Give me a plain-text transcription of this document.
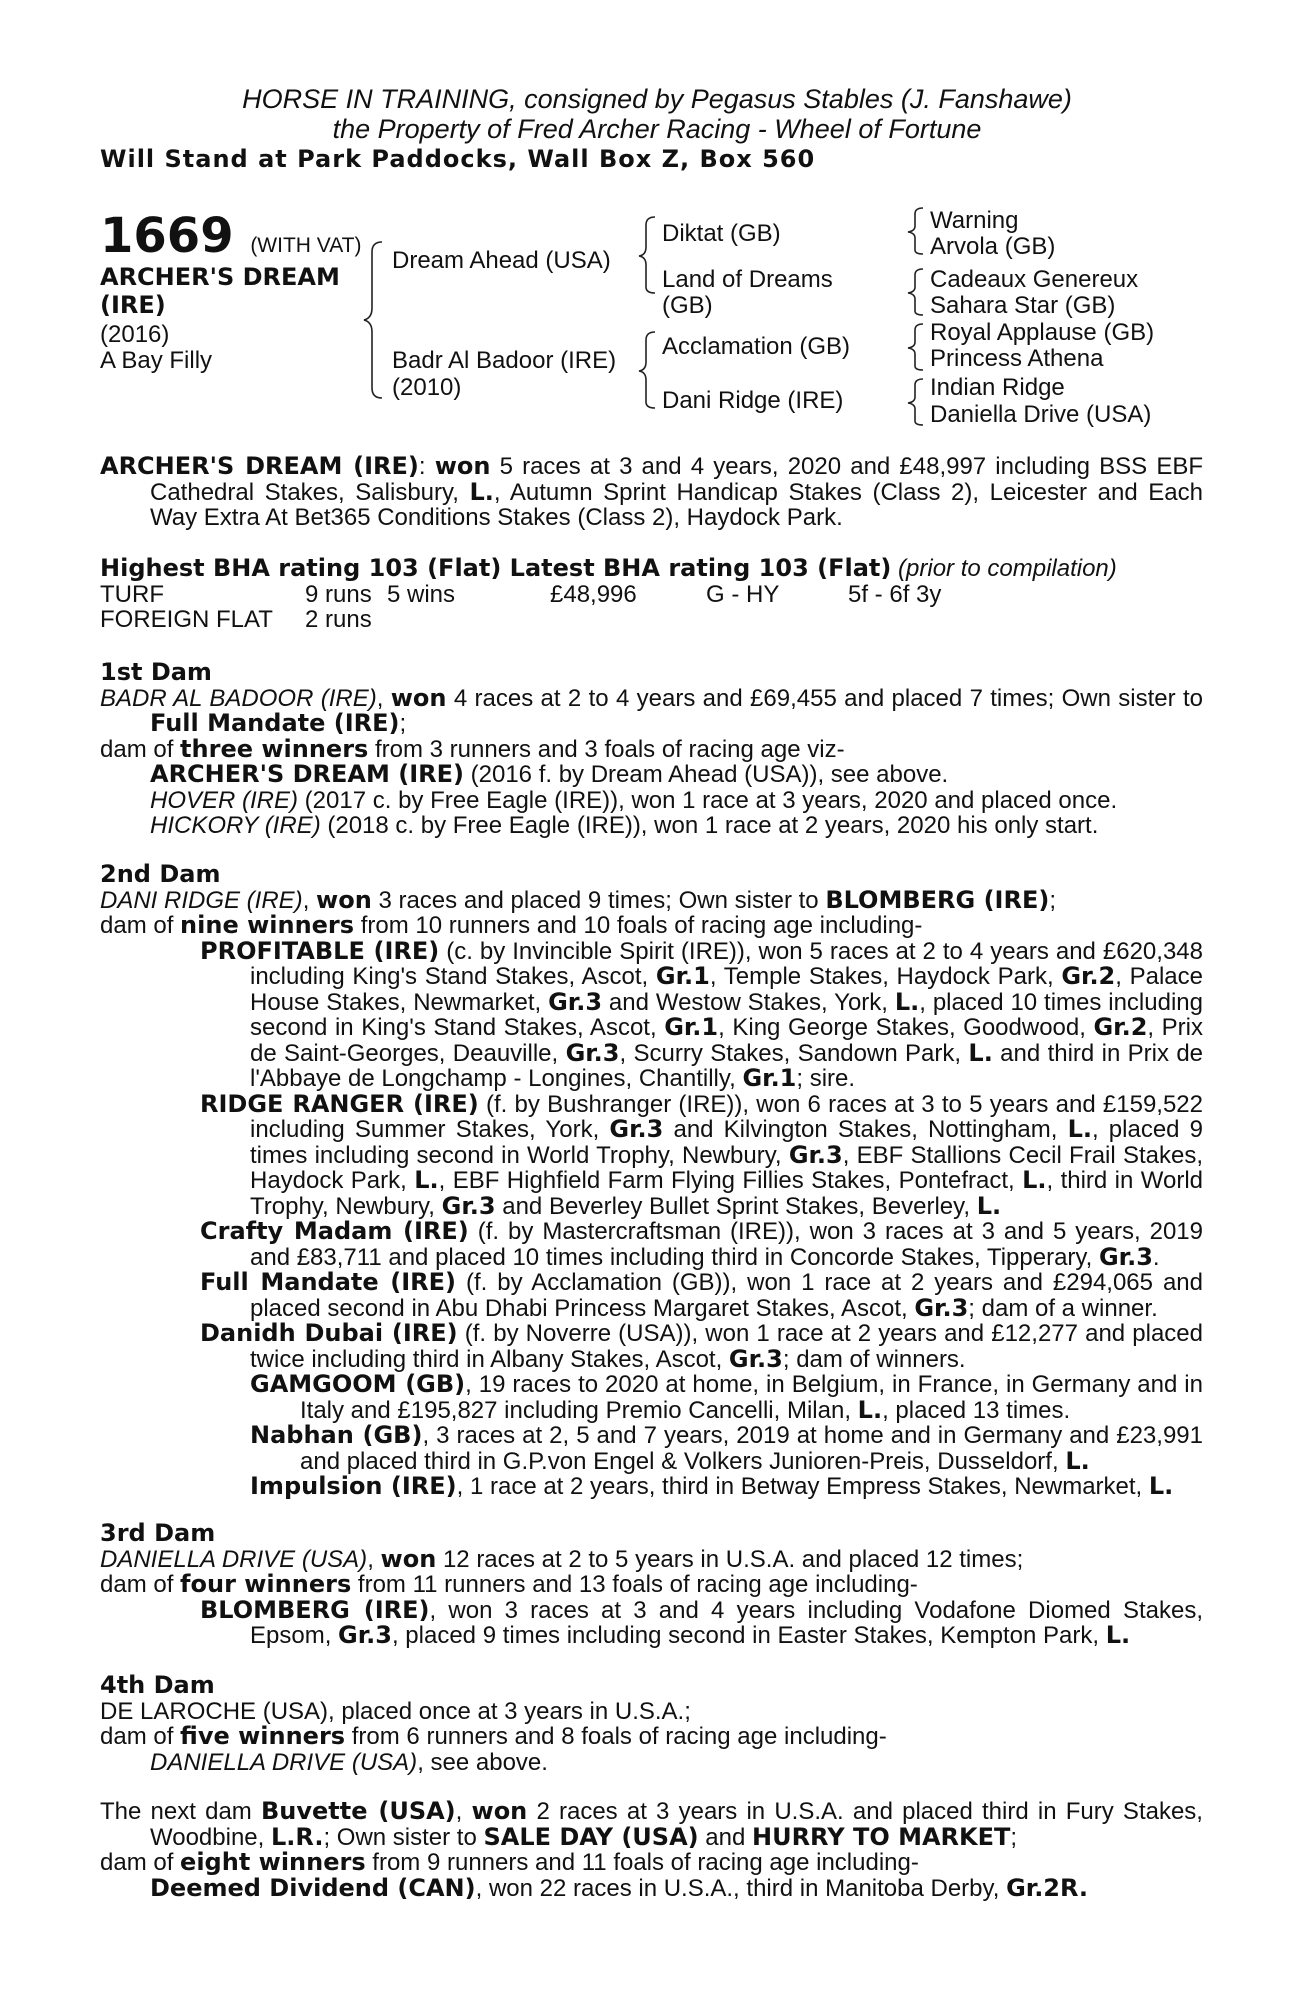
HORSE IN TRAINING, consigned by Pegasus Stables (J. Fanshawe)
the Property of Fred Archer Racing - Wheel of Fortune
Will Stand at Park Paddocks, Wall Box Z, Box 560
1669 (WITH VAT)
ARCHER'S DREAM
(IRE)
(2016)
A Bay Filly
Dream Ahead (USA)
Badr Al Badoor (IRE)
(2010)
Diktat (GB)
Land of Dreams
(GB)
Acclamation (GB)
Dani Ridge (IRE)
Warning
Arvola (GB)
Cadeaux Genereux
Sahara Star (GB)
Royal Applause (GB)
Princess Athena
Indian Ridge
Daniella Drive (USA)

ARCHER'S DREAM (IRE): won 5 races at 3 and 4 years, 2020 and £48,997 including BSS EBF Cathedral Stakes, Salisbury, L., Autumn Sprint Handicap Stakes (Class 2), Leicester and Each Way Extra At Bet365 Conditions Stakes (Class 2), Haydock Park.

Highest BHA rating 103 (Flat) Latest BHA rating 103 (Flat) (prior to compilation)

TURF	9 runs 5 wins	£48,996	G - HY	5f - 6f 3y
FOREIGN FLAT 2 runs

1st Dam

BADR AL BADOOR (IRE), won 4 races at 2 to 4 years and £69,455 and placed 7 times; Own sister to Full Mandate (IRE);

dam of three winners from 3 runners and 3 foals of racing age viz-

ARCHER'S DREAM (IRE) (2016 f. by Dream Ahead (USA)), see above.

HOVER (IRE) (2017 c. by Free Eagle (IRE)), won 1 race at 3 years, 2020 and placed once.

HICKORY (IRE) (2018 c. by Free Eagle (IRE)), won 1 race at 2 years, 2020 his only start.

2nd Dam

DANI RIDGE (IRE), won 3 races and placed 9 times; Own sister to BLOMBERG (IRE);

dam of nine winners from 10 runners and 10 foals of racing age including-

PROFITABLE (IRE) (c. by Invincible Spirit (IRE)), won 5 races at 2 to 4 years and £620,348 including King's Stand Stakes, Ascot, Gr.1, Temple Stakes, Haydock Park, Gr.2, Palace House Stakes, Newmarket, Gr.3 and Westow Stakes, York, L., placed 10 times including second in King's Stand Stakes, Ascot, Gr.1, King George Stakes, Goodwood, Gr.2, Prix de Saint-Georges, Deauville, Gr.3, Scurry Stakes, Sandown Park, L. and third in Prix de l'Abbaye de Longchamp - Longines, Chantilly, Gr.1; sire.

RIDGE RANGER (IRE) (f. by Bushranger (IRE)), won 6 races at 3 to 5 years and £159,522 including Summer Stakes, York, Gr.3 and Kilvington Stakes, Nottingham, L., placed 9 times including second in World Trophy, Newbury, Gr.3, EBF Stallions Cecil Frail Stakes, Haydock Park, L., EBF Highfield Farm Flying Fillies Stakes, Pontefract, L., third in World Trophy, Newbury, Gr.3 and Beverley Bullet Sprint Stakes, Beverley, L.

Crafty Madam (IRE) (f. by Mastercraftsman (IRE)), won 3 races at 3 and 5 years, 2019 and £83,711 and placed 10 times including third in Concorde Stakes, Tipperary, Gr.3.

Full Mandate (IRE) (f. by Acclamation (GB)), won 1 race at 2 years and £294,065 and placed second in Abu Dhabi Princess Margaret Stakes, Ascot, Gr.3; dam of a winner.

Danidh Dubai (IRE) (f. by Noverre (USA)), won 1 race at 2 years and £12,277 and placed twice including third in Albany Stakes, Ascot, Gr.3; dam of winners.

GAMGOOM (GB), 19 races to 2020 at home, in Belgium, in France, in Germany and in Italy and £195,827 including Premio Cancelli, Milan, L., placed 13 times.

Nabhan (GB), 3 races at 2, 5 and 7 years, 2019 at home and in Germany and £23,991 and placed third in G.P.von Engel & Volkers Junioren-Preis, Dusseldorf, L.

Impulsion (IRE), 1 race at 2 years, third in Betway Empress Stakes, Newmarket, L.

3rd Dam

DANIELLA DRIVE (USA), won 12 races at 2 to 5 years in U.S.A. and placed 12 times;

dam of four winners from 11 runners and 13 foals of racing age including-

BLOMBERG (IRE), won 3 races at 3 and 4 years including Vodafone Diomed Stakes, Epsom, Gr.3, placed 9 times including second in Easter Stakes, Kempton Park, L.

4th Dam

DE LAROCHE (USA), placed once at 3 years in U.S.A.;

dam of five winners from 6 runners and 8 foals of racing age including-

DANIELLA DRIVE (USA), see above.

The next dam Buvette (USA), won 2 races at 3 years in U.S.A. and placed third in Fury Stakes, Woodbine, L.R.; Own sister to SALE DAY (USA) and HURRY TO MARKET;

dam of eight winners from 9 runners and 11 foals of racing age including-

Deemed Dividend (CAN), won 22 races in U.S.A., third in Manitoba Derby, Gr.2R.
